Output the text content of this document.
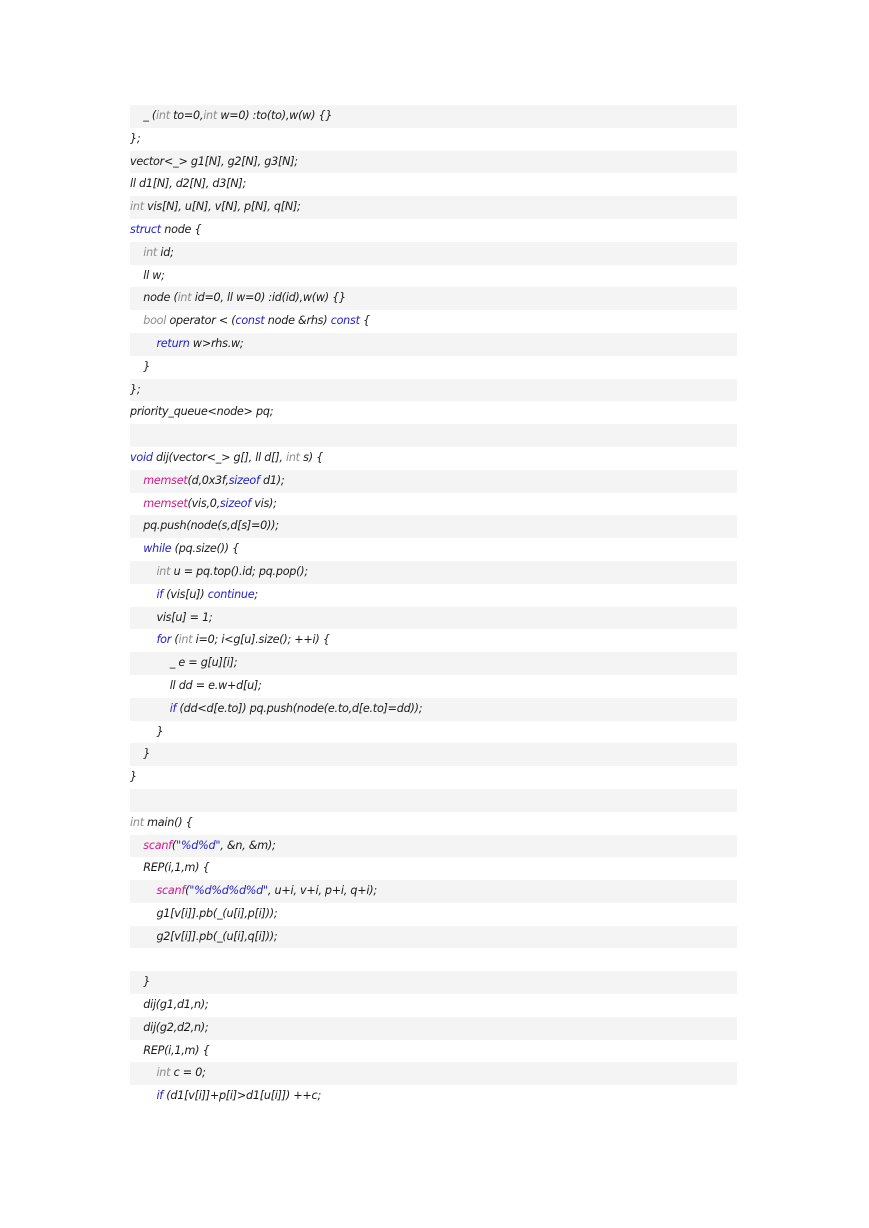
_ (int to=0,int w=0) :to(to),w(w) {}
};
vector<_> g1[N], g2[N], g3[N];
ll d1[N], d2[N], d3[N];
int vis[N], u[N], v[N], p[N], q[N];
struct node {
int id;
ll w;
node (int id=0, ll w=0) :id(id),w(w) {}
bool operator < (const node &rhs) const {
return w>rhs.w;
}
};
priority_queue<node> pq;
void dij(vector<_> g[], ll d[], int s) {
memset(d,0x3f,sizeof d1);
memset(vis,0,sizeof vis);
pq.push(node(s,d[s]=0));
while (pq.size()) {
int u = pq.top().id; pq.pop();
if (vis[u]) continue;
vis[u] = 1;
for (int i=0; i<g[u].size(); ++i) {
_ e = g[u][i];
ll dd = e.w+d[u];
if (dd<d[e.to]) pq.push(node(e.to,d[e.to]=dd));
}
}
}
int main() {
scanf("%d%d", &n, &m);
REP(i,1,m) {
scanf("%d%d%d%d", u+i, v+i, p+i, q+i);
g1[v[i]].pb(_(u[i],p[i]));
g2[v[i]].pb(_(u[i],q[i]));
}
dij(g1,d1,n);
dij(g2,d2,n);
REP(i,1,m) {
int c = 0;
if (d1[v[i]]+p[i]>d1[u[i]]) ++c;
